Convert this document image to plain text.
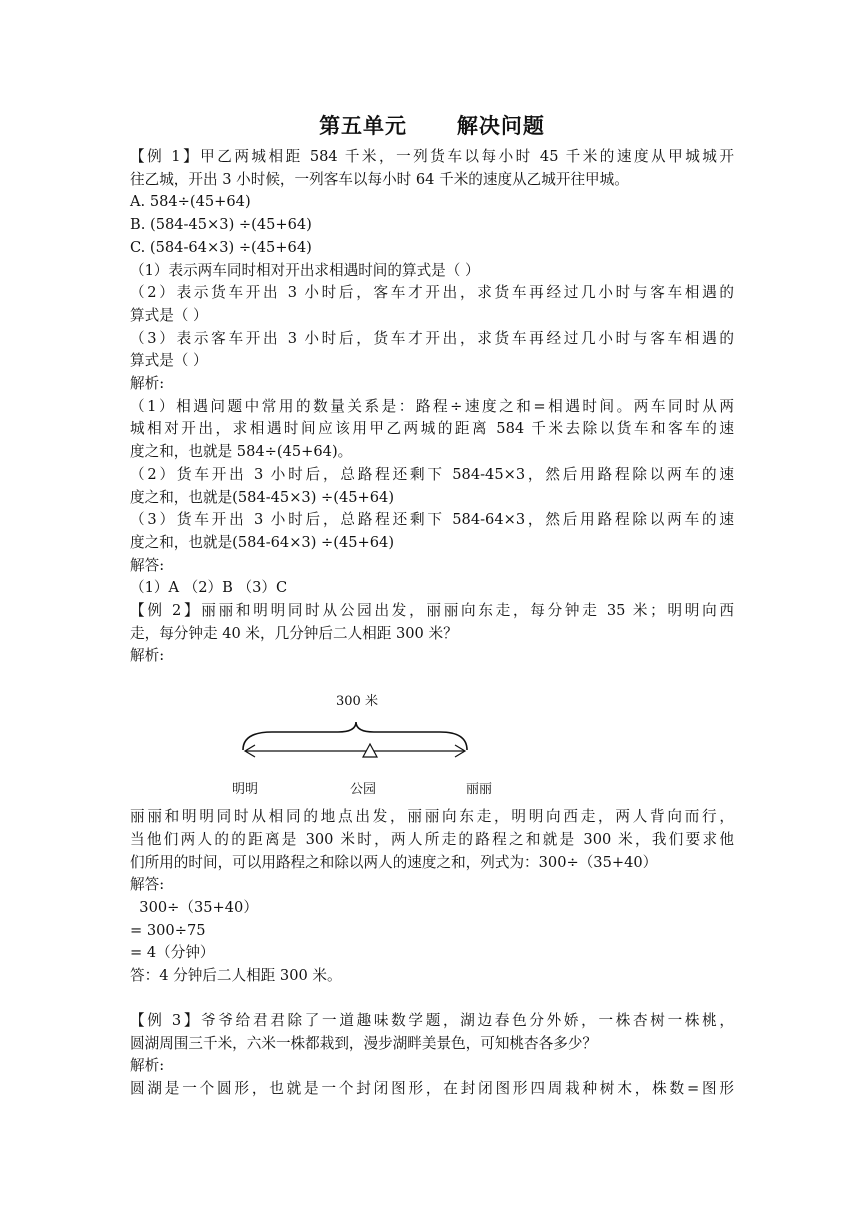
第五单元      解决问题

【例 1】甲乙两城相距 584 千米，一列货车以每小时 45 千米的速度从甲城城开

往乙城，开出 3 小时候，一列客车以每小时 64 千米的速度从乙城开往甲城。

A. 584÷(45+64)

B. (584-45×3) ÷(45+64)

C. (584-64×3) ÷(45+64)

（1）表示两车同时相对开出求相遇时间的算式是（ ）

（2）表示货车开出 3 小时后，客车才开出，求货车再经过几小时与客车相遇的

算式是（ ）

（3）表示客车开出 3 小时后，货车才开出，求货车再经过几小时与客车相遇的

算式是（ ）

解析:

（1）相遇问题中常用的数量关系是：路程÷速度之和=相遇时间。两车同时从两

城相对开出，求相遇时间应该用甲乙两城的距离 584 千米去除以货车和客车的速

度之和，也就是 584÷(45+64)。

（2）货车开出 3 小时后，总路程还剩下 584-45×3，然后用路程除以两车的速

度之和，也就是(584-45×3) ÷(45+64)

（3）货车开出 3 小时后，总路程还剩下 584-64×3，然后用路程除以两车的速

度之和，也就是(584-64×3) ÷(45+64)

解答:

（1）A （2）B （3）C

【例 2】丽丽和明明同时从公园出发，丽丽向东走，每分钟走 35 米；明明向西

走，每分钟走 40 米，几分钟后二人相距 300 米？

解析:

300 米
明明	公园	丽丽

丽丽和明明同时从相同的地点出发，丽丽向东走，明明向西走，两人背向而行，

当他们两人的的距离是 300 米时，两人所走的路程之和就是 300 米，我们要求他

们所用的时间，可以用路程之和除以两人的速度之和，列式为：300÷（35+40）

解答:

300÷（35+40）

= 300÷75

= 4（分钟）

答：4 分钟后二人相距 300 米。

【例 3】爷爷给君君除了一道趣味数学题，湖边春色分外娇，一株杏树一株桃，

圆湖周围三千米，六米一株都栽到，漫步湖畔美景色，可知桃杏各多少？

解析:

圆湖是一个圆形，也就是一个封闭图形，在封闭图形四周栽种树木，株数=图形
